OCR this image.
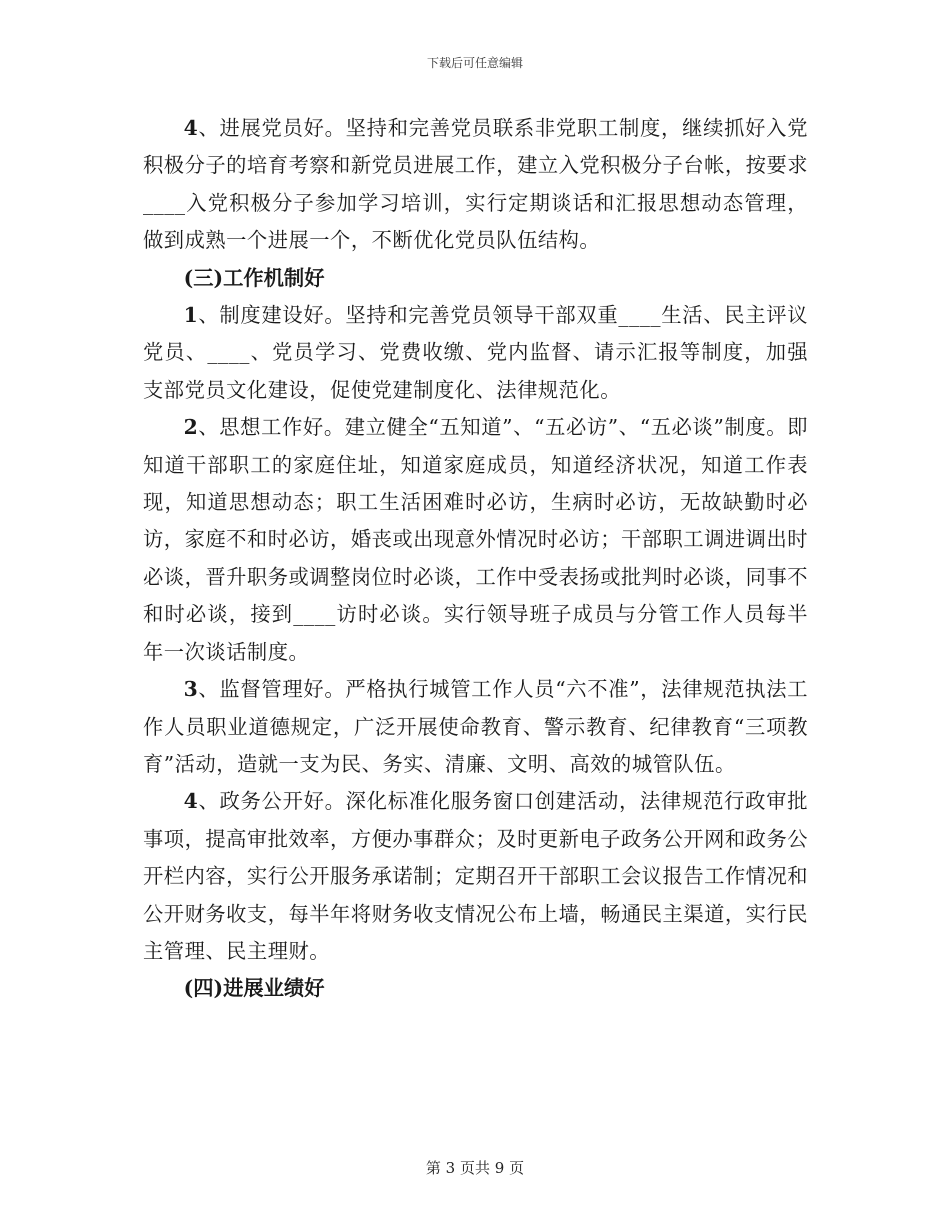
下载后可任意编辑

4、进展党员好。坚持和完善党员联系非党职工制度，继续抓好入党积极分子的培育考察和新党员进展工作，建立入党积极分子台帐，按要求____入党积极分子参加学习培训，实行定期谈话和汇报思想动态管理，做到成熟一个进展一个，不断优化党员队伍结构。

(三)工作机制好

1、制度建设好。坚持和完善党员领导干部双重____生活、民主评议党员、____、党员学习、党费收缴、党内监督、请示汇报等制度，加强支部党员文化建设，促使党建制度化、法律规范化。

2、思想工作好。建立健全“五知道”、“五必访”、“五必谈”制度。即知道干部职工的家庭住址，知道家庭成员，知道经济状况，知道工作表现，知道思想动态；职工生活困难时必访，生病时必访，无故缺勤时必访，家庭不和时必访，婚丧或出现意外情况时必访；干部职工调进调出时必谈，晋升职务或调整岗位时必谈，工作中受表扬或批判时必谈，同事不和时必谈，接到____访时必谈。实行领导班子成员与分管工作人员每半年一次谈话制度。

3、监督管理好。严格执行城管工作人员“六不准”，法律规范执法工作人员职业道德规定，广泛开展使命教育、警示教育、纪律教育“三项教育”活动，造就一支为民、务实、清廉、文明、高效的城管队伍。

4、政务公开好。深化标准化服务窗口创建活动，法律规范行政审批事项，提高审批效率，方便办事群众；及时更新电子政务公开网和政务公开栏内容，实行公开服务承诺制；定期召开干部职工会议报告工作情况和公开财务收支，每半年将财务收支情况公布上墙，畅通民主渠道，实行民主管理、民主理财。

(四)进展业绩好

第 3 页共 9 页
